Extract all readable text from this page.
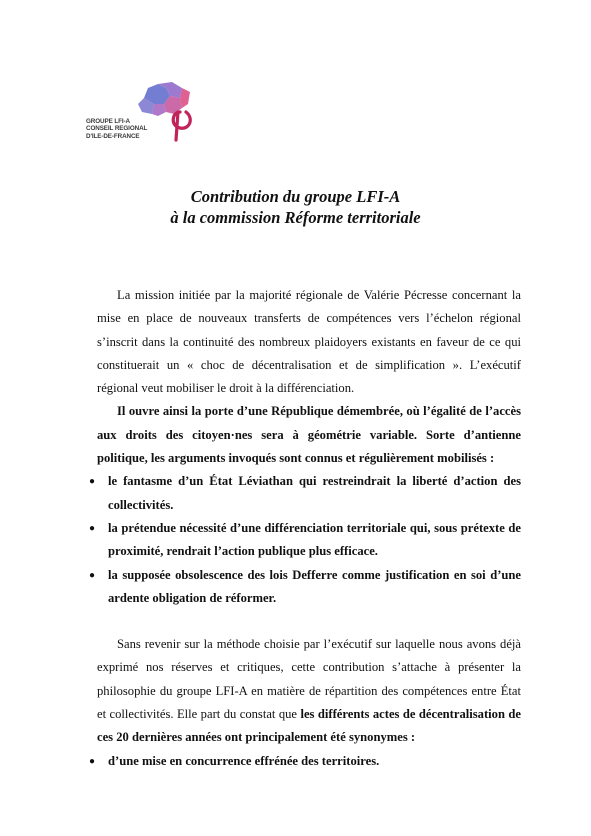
GROUPE LFI-A
CONSEIL REGIONAL
D'ILE-DE-FRANCE
Contribution du groupe LFI-A
à la commission Réforme territoriale

La mission initiée par la majorité régionale de Valérie Pécresse concernant la mise en place de nouveaux transferts de compétences vers l’échelon régional s’inscrit dans la continuité des nombreux plaidoyers existants en faveur de ce qui constituerait un « choc de décentralisation et de simplification ». L’exécutif régional veut mobiliser le droit à la différenciation.

Il ouvre ainsi la porte d’une République démembrée, où l’égalité de l’accès aux droits des citoyen·nes sera à géométrie variable. Sorte d’antienne politique, les arguments invoqués sont connus et régulièrement mobilisés :

● le fantasme d’un État Léviathan qui restreindrait la liberté d’action des collectivités.
● la prétendue nécessité d’une différenciation territoriale qui, sous prétexte de proximité, rendrait l’action publique plus efficace.
● la supposée obsolescence des lois Defferre comme justification en soi d’une ardente obligation de réformer.

Sans revenir sur la méthode choisie par l’exécutif sur laquelle nous avons déjà exprimé nos réserves et critiques, cette contribution s’attache à présenter la philosophie du groupe LFI-A en matière de répartition des compétences entre État et collectivités. Elle part du constat que les différents actes de décentralisation de ces 20 dernières années ont principalement été synonymes :

● d’une mise en concurrence effrénée des territoires.
